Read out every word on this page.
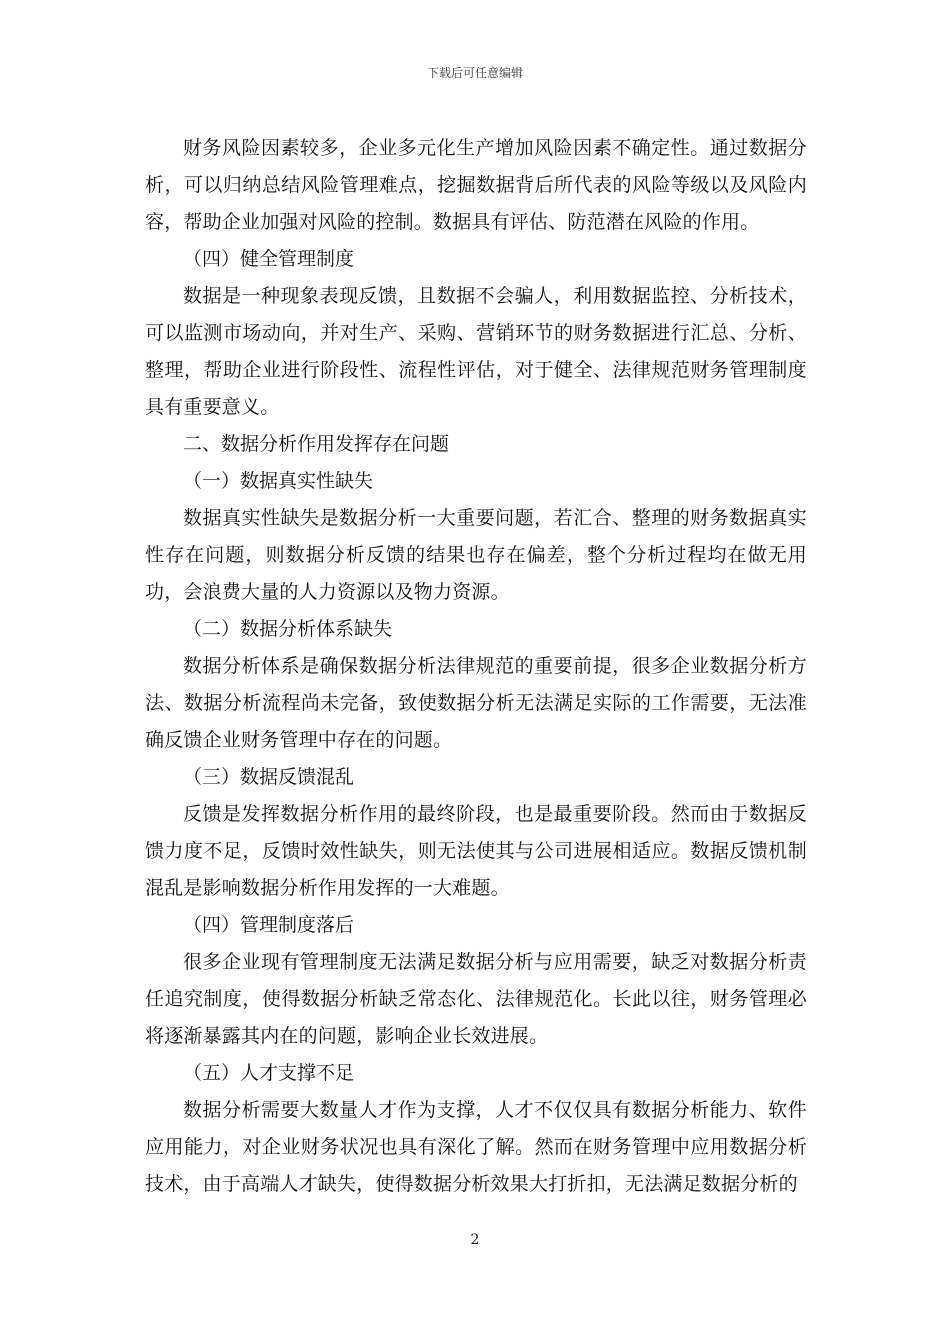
下载后可任意编辑

财务风险因素较多，企业多元化生产增加风险因素不确定性。通过数据分析，可以归纳总结风险管理难点，挖掘数据背后所代表的风险等级以及风险内容，帮助企业加强对风险的控制。数据具有评估、防范潜在风险的作用。

（四）健全管理制度

数据是一种现象表现反馈，且数据不会骗人，利用数据监控、分析技术，可以监测市场动向，并对生产、采购、营销环节的财务数据进行汇总、分析、整理，帮助企业进行阶段性、流程性评估，对于健全、法律规范财务管理制度具有重要意义。

二、数据分析作用发挥存在问题

（一）数据真实性缺失

数据真实性缺失是数据分析一大重要问题，若汇合、整理的财务数据真实性存在问题，则数据分析反馈的结果也存在偏差，整个分析过程均在做无用功，会浪费大量的人力资源以及物力资源。

（二）数据分析体系缺失

数据分析体系是确保数据分析法律规范的重要前提，很多企业数据分析方法、数据分析流程尚未完备，致使数据分析无法满足实际的工作需要，无法准确反馈企业财务管理中存在的问题。

（三）数据反馈混乱

反馈是发挥数据分析作用的最终阶段，也是最重要阶段。然而由于数据反馈力度不足，反馈时效性缺失，则无法使其与公司进展相适应。数据反馈机制混乱是影响数据分析作用发挥的一大难题。

（四）管理制度落后

很多企业现有管理制度无法满足数据分析与应用需要，缺乏对数据分析责任追究制度，使得数据分析缺乏常态化、法律规范化。长此以往，财务管理必将逐渐暴露其内在的问题，影响企业长效进展。

（五）人才支撑不足

数据分析需要大数量人才作为支撑，人才不仅仅具有数据分析能力、软件应用能力，对企业财务状况也具有深化了解。然而在财务管理中应用数据分析技术，由于高端人才缺失，使得数据分析效果大打折扣，无法满足数据分析的

2
